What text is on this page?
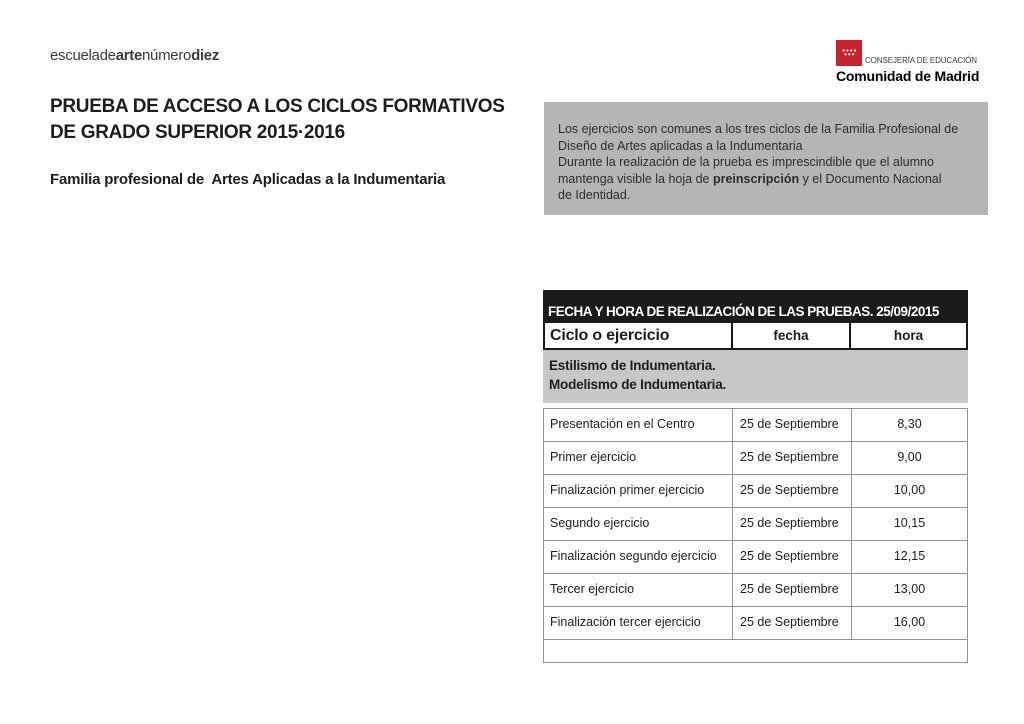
escueladeartenúmerodiez	CONSEJERÍA DE EDUCACIÓN
Comunidad de Madrid
PRUEBA DE ACCESO A LOS CICLOS FORMATIVOS
DE GRADO SUPERIOR 2015·2016
Familia profesional de  Artes Aplicadas a la Indumentaria
Los ejercicios son comunes a los tres ciclos de la Familia Profesional de
Diseño de Artes aplicadas a la Indumentaria
Durante la realización de la prueba es imprescindible que el alumno
mantenga visible la hoja de preinscripción y el Documento Nacional
de Identidad.
FECHA Y HORA DE REALIZACIÓN DE LAS PRUEBAS. 25/09/2015
Ciclo o ejercicio	fecha	hora
Estilismo de Indumentaria.
Modelismo de Indumentaria.
Presentación en el Centro	25 de Septiembre	8,30
Primer ejercicio	25 de Septiembre	9,00
Finalización primer ejercicio	25 de Septiembre	10,00
Segundo ejercicio	25 de Septiembre	10,15
Finalización segundo ejercicio	25 de Septiembre	12,15
Tercer ejercicio	25 de Septiembre	13,00
Finalización tercer ejercicio	25 de Septiembre	16,00
